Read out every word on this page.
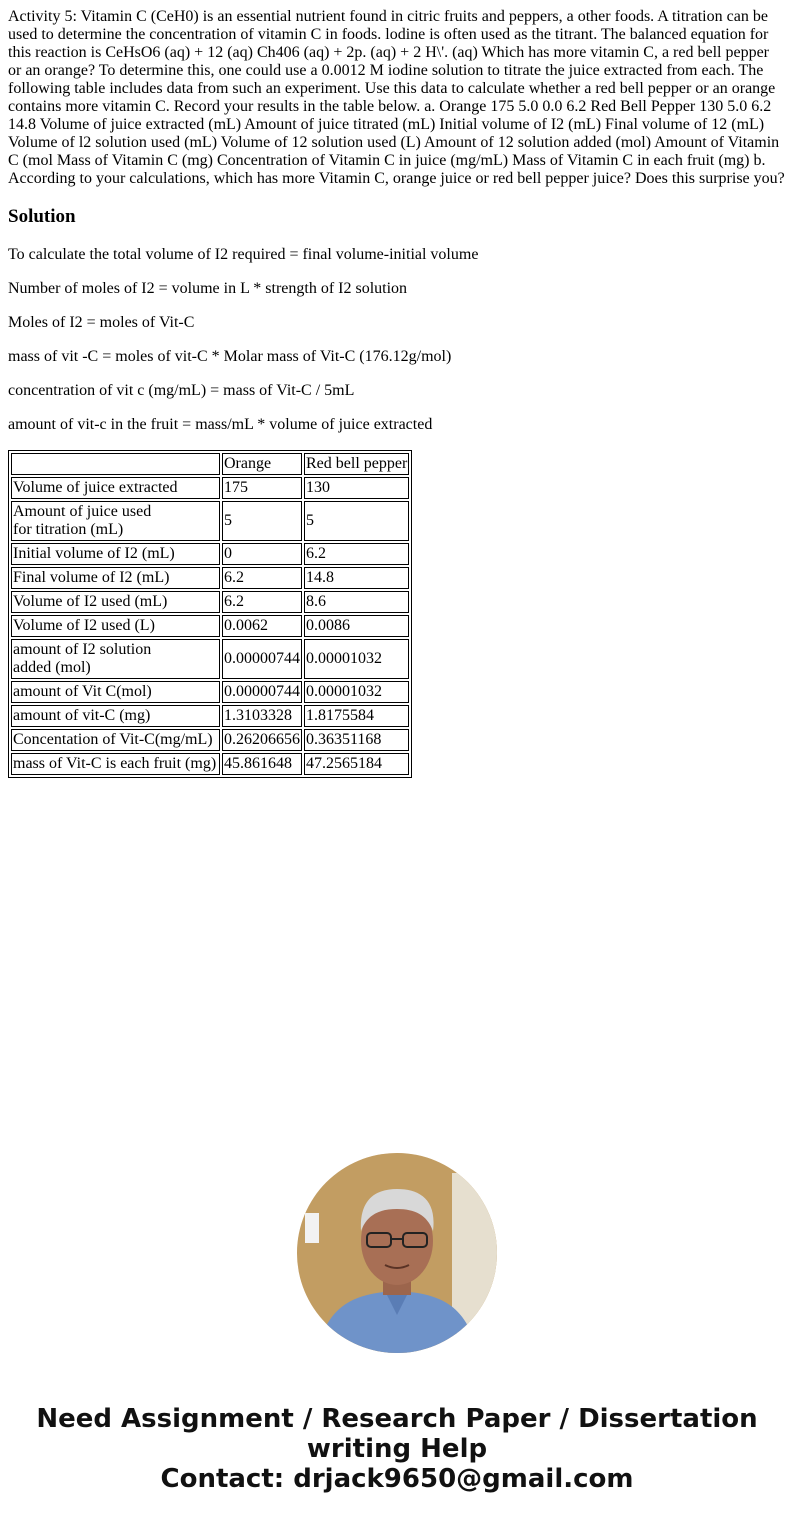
Activity 5: Vitamin C (CeH0) is an essential nutrient found in citric fruits and peppers, a other foods. A titration can be used to determine the concentration of vitamin C in foods. lodine is often used as the titrant. The balanced equation for this reaction is CeHsO6 (aq) + 12 (aq) Ch406 (aq) + 2p. (aq) + 2 H\'. (aq) Which has more vitamin C, a red bell pepper or an orange? To determine this, one could use a 0.0012 M iodine solution to titrate the juice extracted from each. The following table includes data from such an experiment. Use this data to calculate whether a red bell pepper or an orange contains more vitamin C. Record your results in the table below. a. Orange 175 5.0 0.0 6.2 Red Bell Pepper 130 5.0 6.2 14.8 Volume of juice extracted (mL) Amount of juice titrated (mL) Initial volume of I2 (mL) Final volume of 12 (mL) Volume of l2 solution used (mL) Volume of 12 solution used (L) Amount of 12 solution added (mol) Amount of Vitamin C (mol Mass of Vitamin C (mg) Concentration of Vitamin C in juice (mg/mL) Mass of Vitamin C in each fruit (mg) b. According to your calculations, which has more Vitamin C, orange juice or red bell pepper juice? Does this surprise you?
Solution
To calculate the total volume of I2 required = final volume-initial volume
Number of moles of I2 = volume in L * strength of I2 solution
Moles of I2 = moles of Vit-C
mass of vit -C = moles of vit-C * Molar mass of Vit-C (176.12g/mol)
concentration of vit c (mg/mL) = mass of Vit-C / 5mL
amount of vit-c in the fruit = mass/mL * volume of juice extracted
	Orange	Red bell pepper
Volume of juice extracted	175	130
Amount of juice used
for titration (mL)	5	5
Initial volume of I2 (mL)	0	6.2
Final volume of I2 (mL)	6.2	14.8
Volume of I2 used (mL)	6.2	8.6
Volume of I2 used (L)	0.0062	0.0086
amount of I2 solution
added (mol)	0.00000744	0.00001032
amount of Vit C(mol)	0.00000744	0.00001032
amount of vit-C (mg)	1.3103328	1.8175584
Concentation of Vit-C(mg/mL)	0.26206656	0.36351168
mass of Vit-C is each fruit (mg)	45.861648	47.2565184
Need Assignment / Research Paper / Dissertation
writing Help
Contact: drjack9650@gmail.com
